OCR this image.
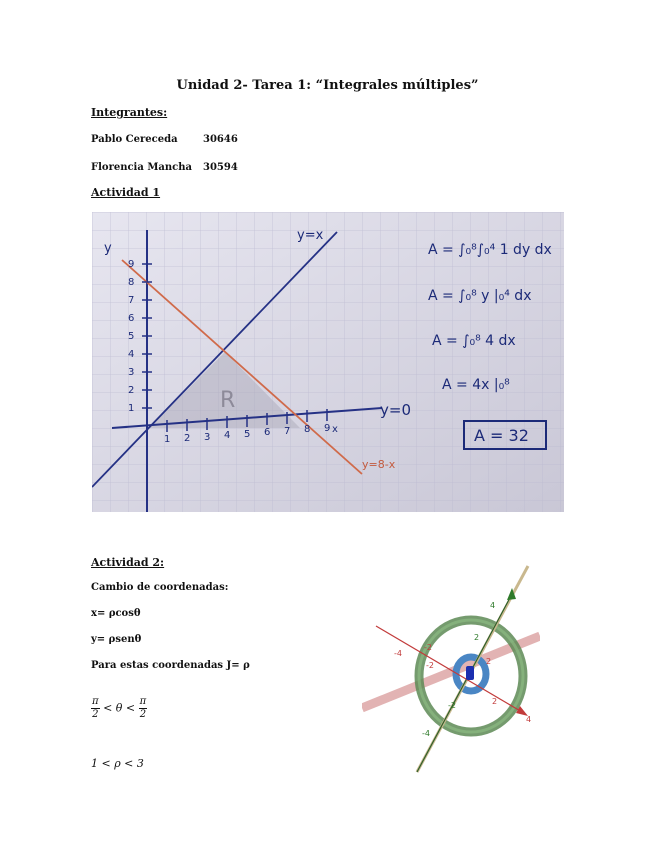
Unidad 2- Tarea 1: “Integrales múltiples”
Integrantes:
Pablo Cereceda	30646
Florencia Mancha 30594
Actividad 1
1
2
3
4
5
6
7
8
9
1 2 3 4 5 6 7 8 9
y
x
y=x
y=0
y=8-x
R
A = ∫₀⁸∫₀⁴ 1 dy dx
A = ∫₀⁸ y |₀⁴ dx
A = ∫₀⁸ 4 dx
A = 4x |₀⁸
A = 32
Actividad 2:
Cambio de coordenadas:
x= ρcosθ
y= ρsenθ
Para estas coordenadas J= ρ
$\frac{\pi}{2} < \theta < \frac{\pi}{2}$
1 < ρ < 3
4
2
-2
-4
2
-2
4
2
-2
-4
